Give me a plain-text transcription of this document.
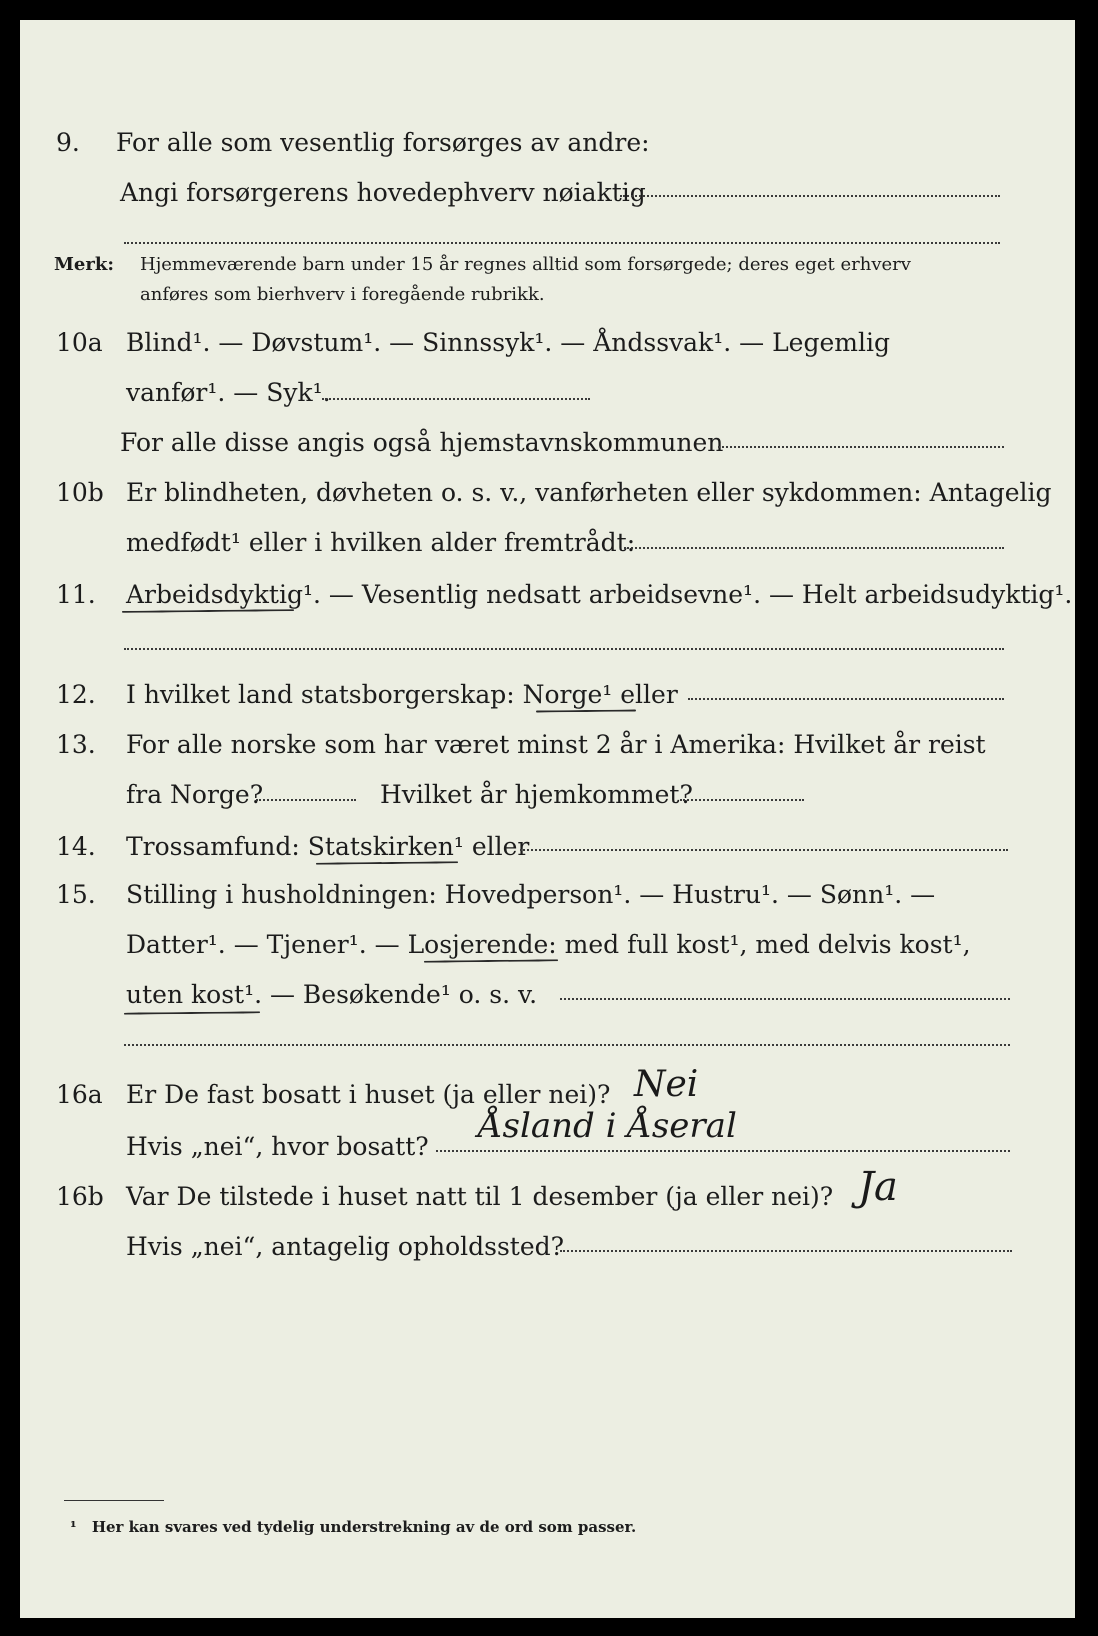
9. For alle som vesentlig forsørges av andre:
Angi forsørgerens hovedерhverv nøiaktig
Merk: Hjemmeværende barn under 15 år regnes alltid som forsørgede; deres eget erhverv
anføres som bierhverv i foregående rubrikk.
10a Blind¹. — Døvstum¹. — Sinnssyk¹. — Åndssvak¹. — Legemlig
vanfør¹. — Syk¹.
For alle disse angis også hjemstavnskommunen
10b Er blindheten, døvheten o. s. v., vanførheten eller sykdommen: Antagelig
medfødt¹ eller i hvilken alder fremtrådt:
11. Arbeidsdyktig¹. — Vesentlig nedsatt arbeidsevne¹. — Helt arbeidsudyktig¹.
12. I hvilket land statsborgerskap: Norge¹ eller
13. For alle norske som har været minst 2 år i Amerika: Hvilket år reist
fra Norge?	Hvilket år hjemkommet?
14. Trossamfund: Statskirken¹ eller
15. Stilling i husholdningen: Hovedperson¹. — Hustru¹. — Sønn¹. —
Datter¹. — Tjener¹. — Losjerende: med full kost¹, med delvis kost¹,
uten kost¹. — Besøkende¹ o. s. v.
16a Er De fast bosatt i huset (ja eller nei)? Nei
Hvis „nei“, hvor bosatt?
Åsland i Åseral
16b Var De tilstede i huset natt til 1 desember (ja eller nei)? Ja
Hvis „nei“, antagelig opholdssted?
¹ Her kan svares ved tydelig understrekning av de ord som passer.
